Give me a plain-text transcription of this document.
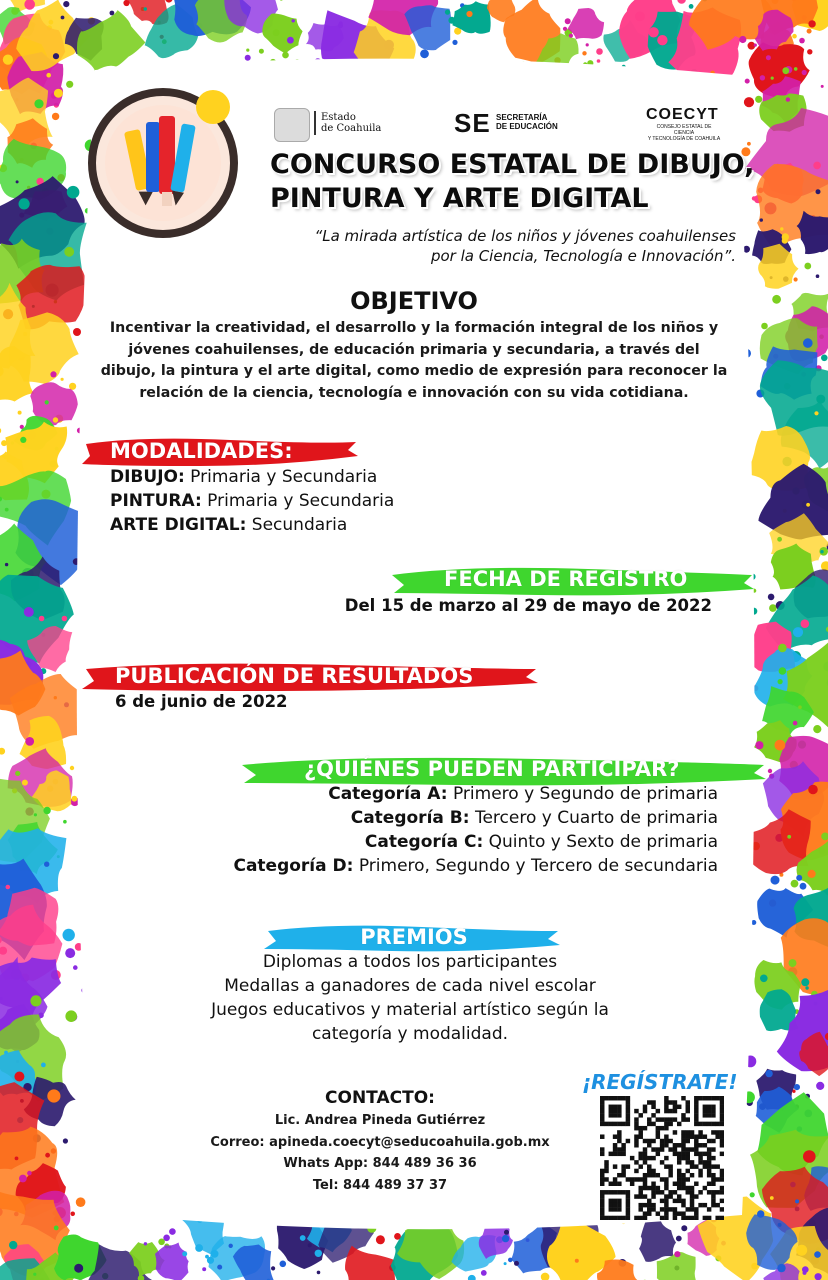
Estado
de Coahuila	SE SECRETARÍA
DE EDUCACIÓN
COECYT
CONSEJO ESTATAL DE CIENCIA
Y TECNOLOGÍA DE COAHUILA
CONCURSO ESTATAL DE DIBUJO,
PINTURA Y ARTE DIGITAL
“La mirada artística de los niños y jóvenes coahuilenses
por la Ciencia, Tecnología e Innovación”.
OBJETIVO
Incentivar la creatividad, el desarrollo y la formación integral de los niños y
jóvenes coahuilenses, de educación primaria y secundaria, a través del
dibujo, la pintura y el arte digital, como medio de expresión para reconocer la
relación de la ciencia, tecnología e innovación con su vida cotidiana.
MODALIDADES:
DIBUJO: Primaria y Secundaria
PINTURA: Primaria y Secundaria
ARTE DIGITAL: Secundaria
FECHA DE REGISTRO
Del 15 de marzo al 29 de mayo de 2022
PUBLICACIÓN DE RESULTADOS
6 de junio de 2022
¿QUIÉNES PUEDEN PARTICIPAR?
Categoría A: Primero y Segundo de primaria
Categoría B: Tercero y Cuarto de primaria
Categoría C: Quinto y Sexto de primaria
Categoría D: Primero, Segundo y Tercero de secundaria
PREMIOS
Diplomas a todos los participantes
Medallas a ganadores de cada nivel escolar
Juegos educativos y material artístico según la
categoría y modalidad.
CONTACTO:
Lic. Andrea Pineda Gutiérrez
Correo: apineda.coecyt@seducoahuila.gob.mx
Whats App: 844 489 36 36
Tel: 844 489 37 37
¡REGÍSTRATE!
